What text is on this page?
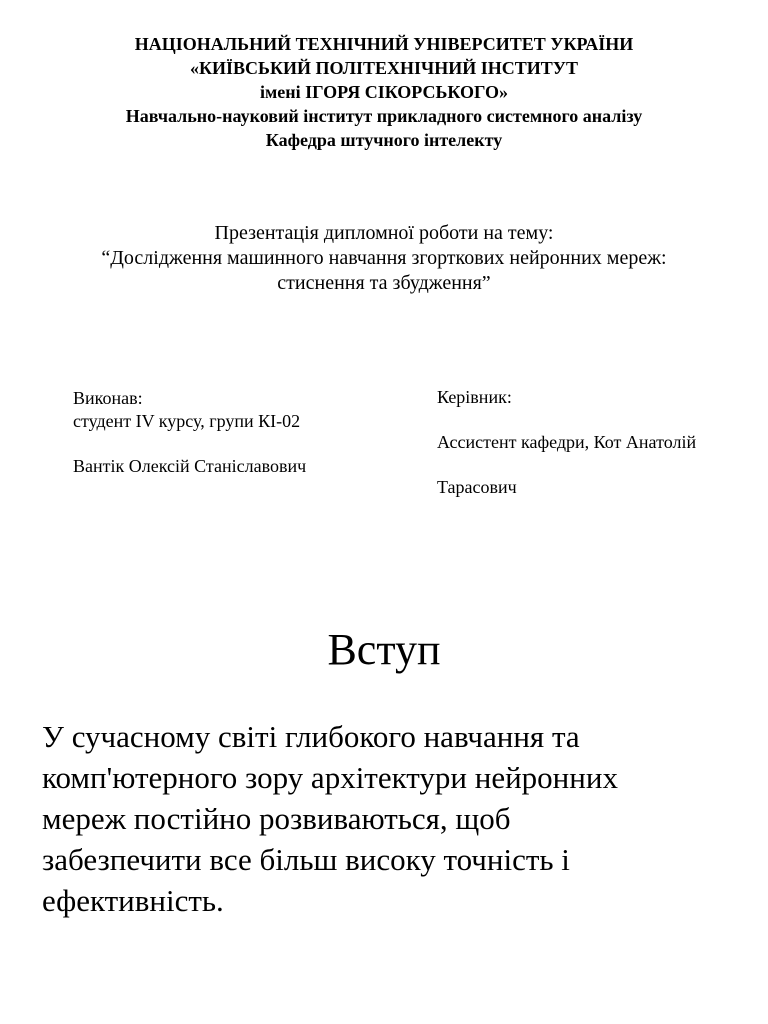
НАЦІОНАЛЬНИЙ ТЕХНІЧНИЙ УНІВЕРСИТЕТ УКРАЇНИ
«КИЇВСЬКИЙ ПОЛІТЕХНІЧНИЙ ІНСТИТУТ
імені ІГОРЯ СІКОРСЬКОГО»
Навчально-науковий інститут прикладного системного аналізу
Кафедра штучного інтелекту
Презентація дипломної роботи на тему:
“Дослідження машинного навчання згорткових нейронних мереж:
стиснення та збудження”
Виконав:
студент IV курсу, групи КІ-02
Вантік Олексій Станіславович
Керівник:
Ассистент кафедри, Кот Анатолій
Тарасович
Вступ
У сучасному світі глибокого навчання та
комп'ютерного зору архітектури нейронних
мереж постійно розвиваються, щоб
забезпечити все більш високу точність і
ефективність.
